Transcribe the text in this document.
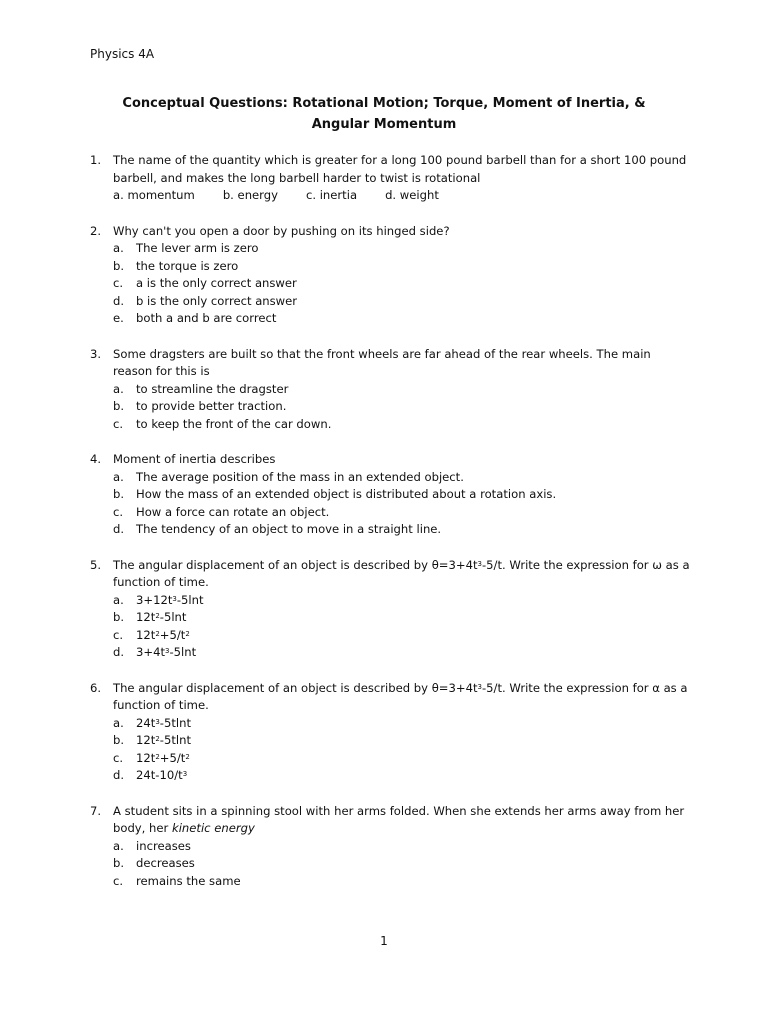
Physics 4A
Conceptual Questions: Rotational Motion; Torque, Moment of Inertia, &
Angular Momentum
1. The name of the quantity which is greater for a long 100 pound barbell than for a short 100 pound barbell, and makes the long barbell harder to twist is rotational
a. momentum b. energy c. inertia d. weight
2. Why can't you open a door by pushing on its hinged side?
a. The lever arm is zero
b. the torque is zero
c. a is the only correct answer
d. b is the only correct answer
e. both a and b are correct
3. Some dragsters are built so that the front wheels are far ahead of the rear wheels. The main reason for this is
a. to streamline the dragster
b. to provide better traction.
c. to keep the front of the car down.
4. Moment of inertia describes
a. The average position of the mass in an extended object.
b. How the mass of an extended object is distributed about a rotation axis.
c. How a force can rotate an object.
d. The tendency of an object to move in a straight line.
5. The angular displacement of an object is described by $\theta=3+4t^3-5/t$. Write the expression for ω as a function of time.
a. $3+12t^3-5\ln t$
b. $12t^2-5\ln t$
c. $12t^2+5/t^2$
d. $3+4t^3-5\ln t$
6. The angular displacement of an object is described by $\theta=3+4t^3-5/t$. Write the expression for α as a function of time.
a. $24t^3-5tlnt$
b. $12t^2-5tlnt$
c. $12t^2+5/t^2$
d. $24t-10/t^3$
7. A student sits in a spinning stool with her arms folded. When she extends her arms away from her body, her kinetic energy
a. increases
b. decreases
c. remains the same
1
